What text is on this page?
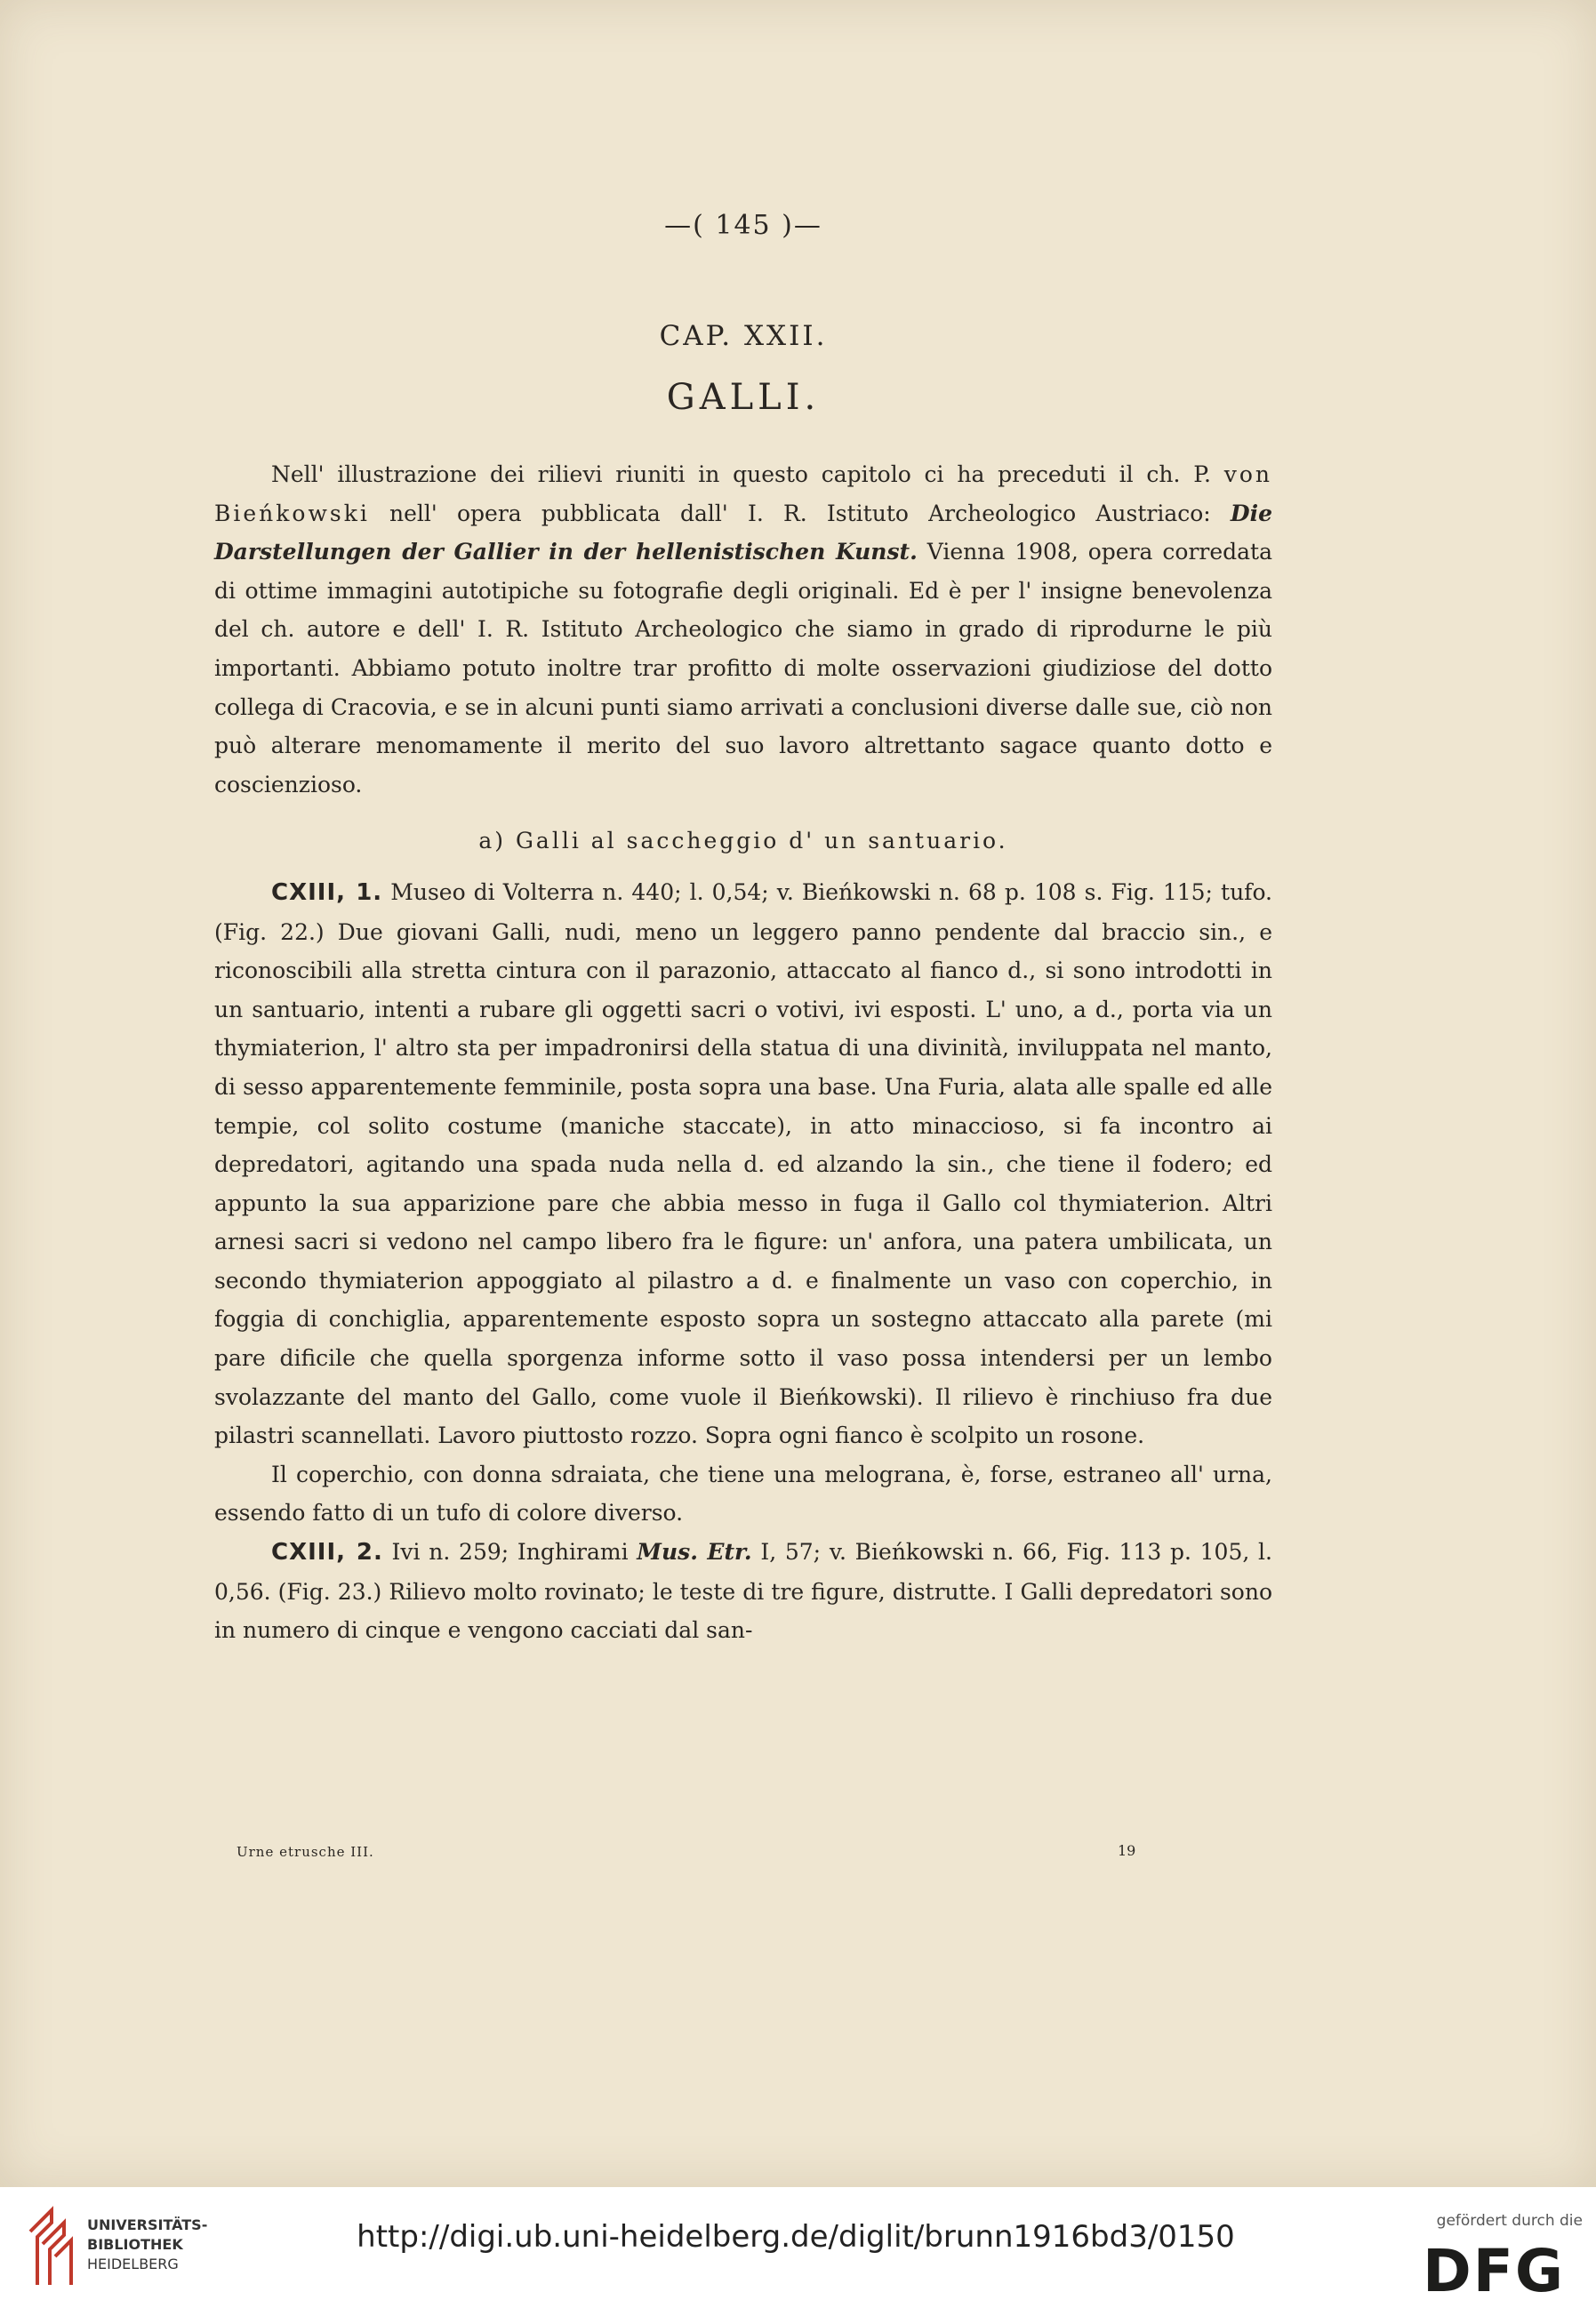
—( 145 )—
CAP. XXII.
GALLI.

Nell' illustrazione dei rilievi riuniti in questo capitolo ci ha preceduti il ch. P. von Bieńkowski nell' opera pubblicata dall' I. R. Istituto Archeologico Austriaco: Die Darstellungen der Gallier in der hellenistischen Kunst. Vienna 1908, opera corredata di ottime immagini autotipiche su fotografie degli originali. Ed è per l' insigne benevolenza del ch. autore e dell' I. R. Istituto Archeologico che siamo in grado di riprodurne le più importanti. Abbiamo potuto inoltre trar profitto di molte osservazioni giudiziose del dotto collega di Cracovia, e se in alcuni punti siamo arrivati a conclusioni diverse dalle sue, ciò non può alterare menomamente il merito del suo lavoro altrettanto sagace quanto dotto e coscienzioso.

a) Galli al saccheggio d' un santuario.

CXIII, 1. Museo di Volterra n. 440; l. 0,54; v. Bieńkowski n. 68 p. 108 s. Fig. 115; tufo. (Fig. 22.) Due giovani Galli, nudi, meno un leggero panno pendente dal braccio sin., e riconoscibili alla stretta cintura con il parazonio, attaccato al fianco d., si sono introdotti in un santuario, intenti a rubare gli oggetti sacri o votivi, ivi esposti. L' uno, a d., porta via un thymiaterion, l' altro sta per impadronirsi della statua di una divinità, inviluppata nel manto, di sesso apparentemente femminile, posta sopra una base. Una Furia, alata alle spalle ed alle tempie, col solito costume (maniche staccate), in atto minaccioso, si fa incontro ai depredatori, agitando una spada nuda nella d. ed alzando la sin., che tiene il fodero; ed appunto la sua apparizione pare che abbia messo in fuga il Gallo col thymiaterion. Altri arnesi sacri si vedono nel campo libero fra le figure: un' anfora, una patera umbilicata, un secondo thymiaterion appoggiato al pilastro a d. e finalmente un vaso con coperchio, in foggia di conchiglia, apparentemente esposto sopra un sostegno attaccato alla parete (mi pare dificile che quella sporgenza informe sotto il vaso possa intendersi per un lembo svolazzante del manto del Gallo, come vuole il Bieńkowski). Il rilievo è rinchiuso fra due pilastri scannellati. Lavoro piuttosto rozzo. Sopra ogni fianco è scolpito un rosone.

Il coperchio, con donna sdraiata, che tiene una melograna, è, forse, estraneo all' urna, essendo fatto di un tufo di colore diverso.

CXIII, 2. Ivi n. 259; Inghirami Mus. Etr. I, 57; v. Bieńkowski n. 66, Fig. 113 p. 105, l. 0,56. (Fig. 23.) Rilievo molto rovinato; le teste di tre figure, distrutte. I Galli depredatori sono in numero di cinque e vengono cacciati dal san-

Urne etrusche III.	19
UNIVERSITÄTS-
BIBLIOTHEK
HEIDELBERG
http://digi.ub.uni-heidelberg.de/diglit/brunn1916bd3/0150	gefördert durch die
DFG
